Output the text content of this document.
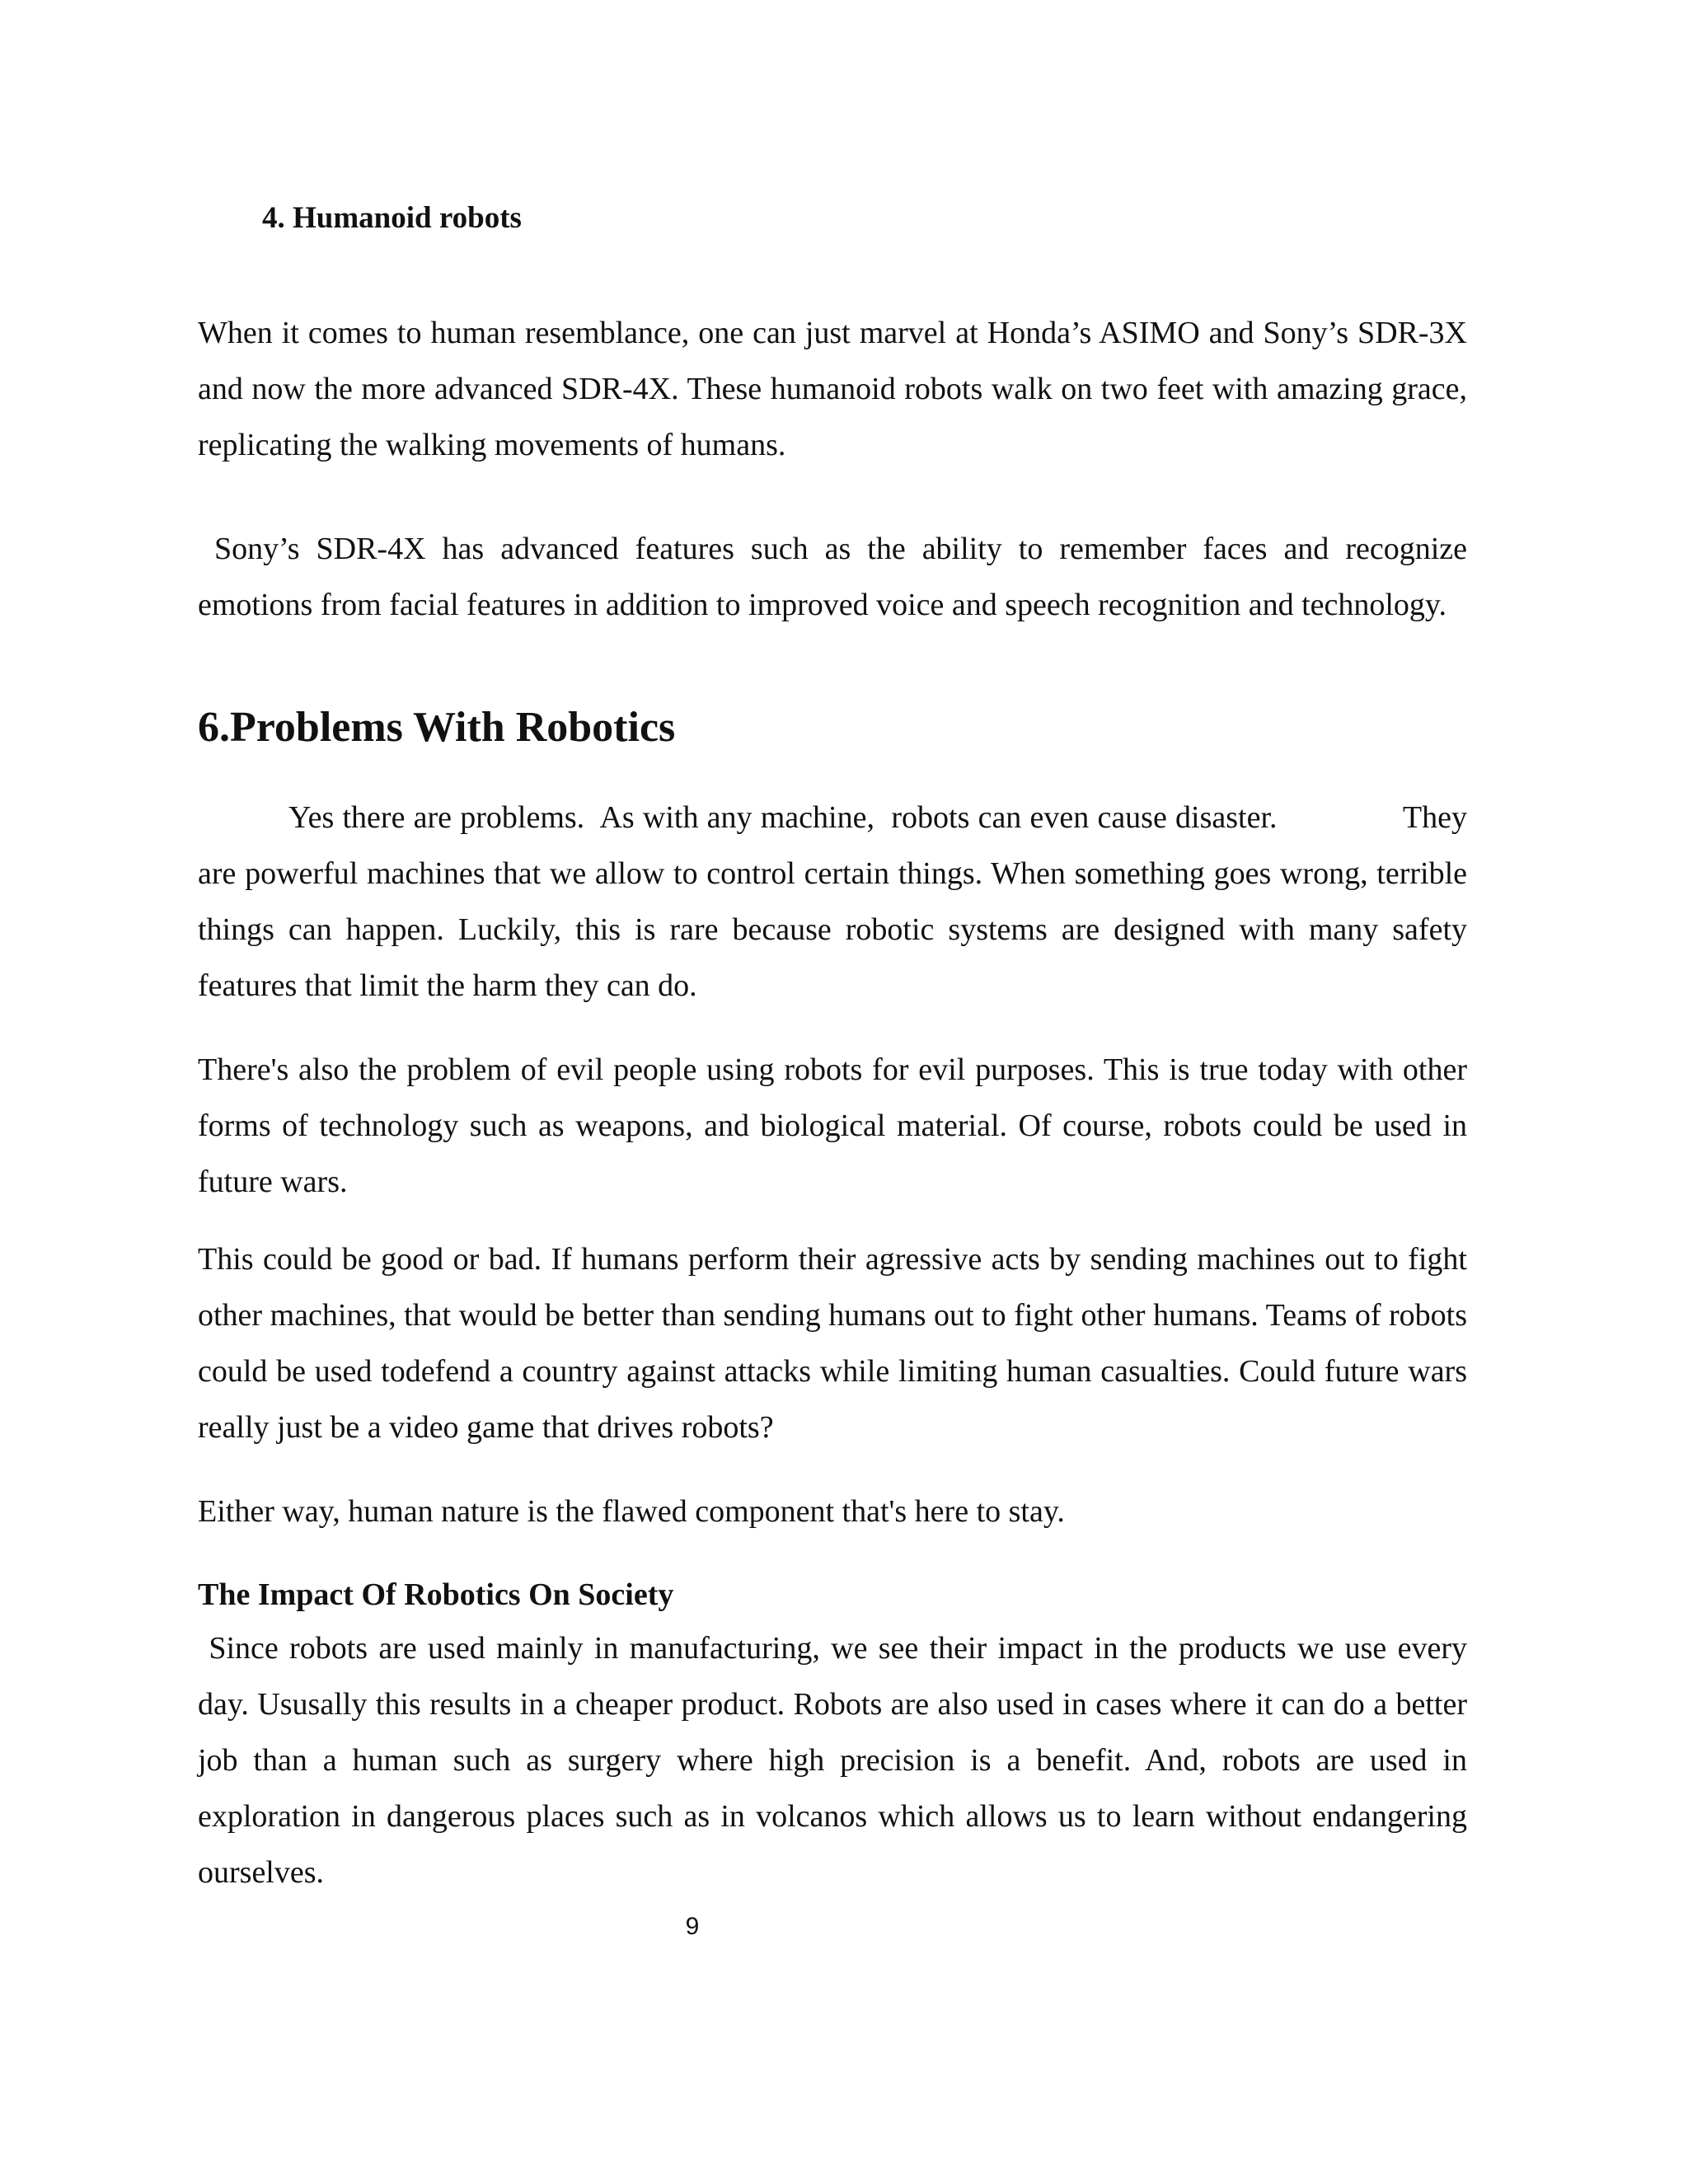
4. Humanoid robots

When it comes to human resemblance, one can just marvel at Honda’s ASIMO and Sony’s SDR-3X and now the more advanced SDR-4X. These humanoid robots walk on two feet with amazing grace, replicating the walking movements of humans.

Sony’s SDR-4X has advanced features such as the ability to remember faces and recognize emotions from facial features in addition to improved voice and speech recognition and technology.

6.Problems With Robotics

Yes there are problems.  As with any machine,  robots can even cause disaster.               They are powerful machines that we allow to control certain things. When something goes wrong, terrible things can happen. Luckily, this is rare because robotic systems are designed with many safety features that limit the harm they can do.

There's also the problem of evil people using robots for evil purposes. This is true today with other forms of technology such as weapons, and biological material. Of course, robots could be used in future wars.

This could be good or bad. If humans perform their agressive acts by sending machines out to fight other machines, that would be better than sending humans out to fight other humans. Teams of robots could be used todefend a country against attacks while limiting human casualties. Could future wars really just be a video game that drives robots?

Either way, human nature is the flawed component that's here to stay.

The Impact Of Robotics On Society

Since robots are used mainly in manufacturing, we see their impact in the products we use every day. Ususally this results in a cheaper product. Robots are also used in cases where it can do a better job than a human such as surgery where high precision is a benefit. And, robots are used in exploration in dangerous places such as in volcanos which allows us to learn without endangering ourselves.

9
